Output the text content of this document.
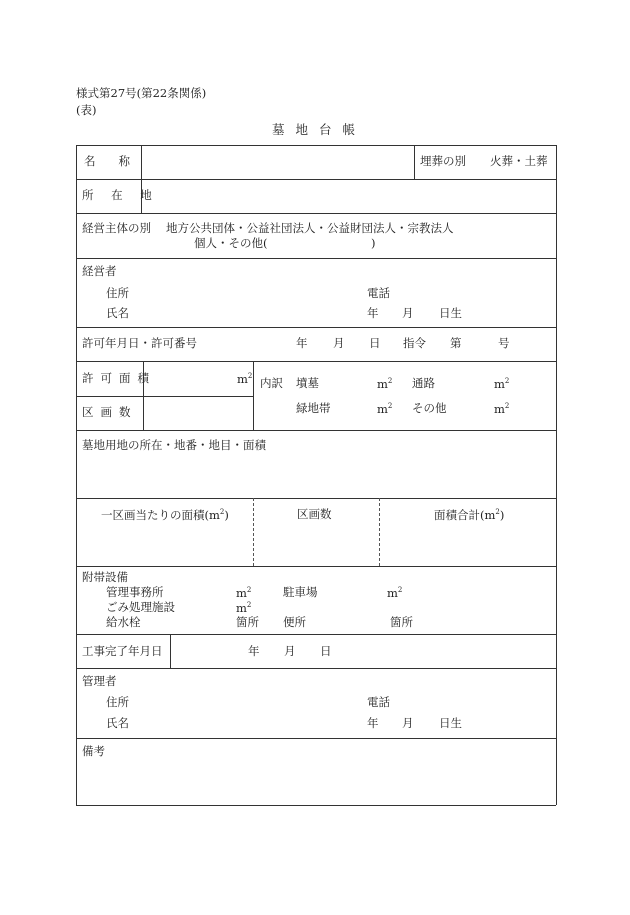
様式第27号(第22条関係)
(表)
墓地台帳
名　　称	埋葬の別 火葬・土葬
所 在 地
経営主体の別 地方公共団体・公益社団法人・公益財団法人・宗教法人
個人・その他(　　　　　　　　　)
経営者
住所	電話
氏名	年 月 日生
許可年月日・許可番号	年 月 日 指令 第	号
許可面積	$m^2$
区画数
内訳 墳墓	$m^2$ 通路	$m^2$
緑地帯	$m^2$ その他	$m^2$
墓地用地の所在・地番・地目・面積
一区画当たりの面積$(m^2)$	区画数	面積合計$(m^2)$
附帯設備
管理事務所	$m^2$	駐車場	$m^2$
ごみ処理施設	$m^2$
給水栓	箇所 便所	箇所
工事完了年月日	年 月 日
管理者
住所	電話
氏名	年 月 日生
備考
